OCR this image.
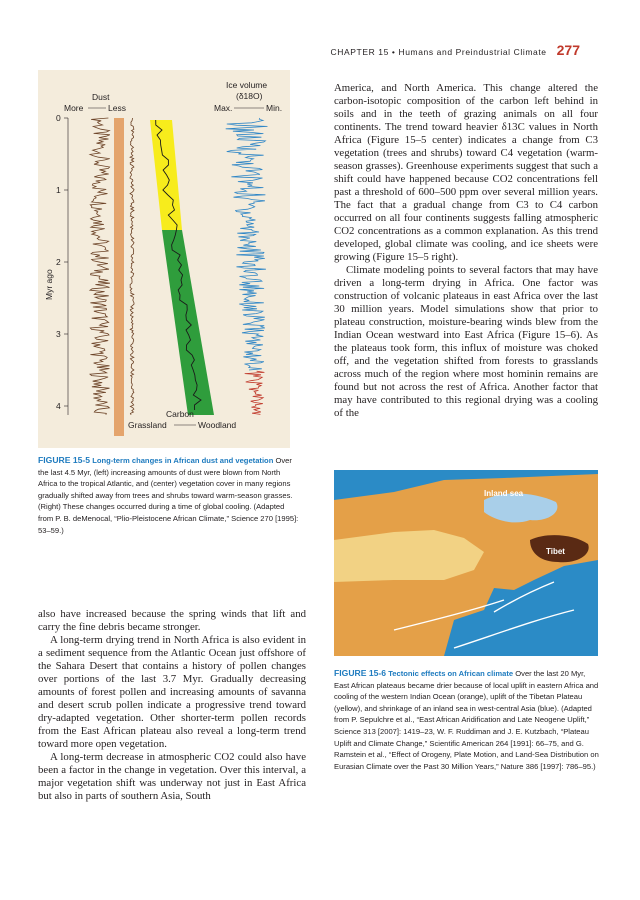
CHAPTER 15 • Humans and Preindustrial Climate 277
0
1
2
3
4
Dust
More	Less
Ice volume
(δ18O)
Max.	Min.
Carbon
Grassland	Woodland
Myr ago
FIGURE 15-5 Long-term changes in African dust and vegetation Over the last 4.5 Myr, (left) increasing amounts of dust were blown from North Africa to the tropical Atlantic, and (center) vegetation cover in many regions gradually shifted away from trees and shrubs toward warm-season grasses. (Right) These changes occurred during a time of global cooling. (Adapted from P. B. deMenocal, “Plio-Pleistocene African Climate,” Science 270 [1995]: 53–59.)

America, and North America. This change altered the carbon-isotopic composition of the carbon left behind in soils and in the teeth of grazing animals on all four continents. The trend toward heavier δ13C values in North Africa (Figure 15–5 center) indicates a change from C3 vegetation (trees and shrubs) toward C4 vegetation (warm-season grasses). Greenhouse experiments suggest that such a shift could have happened because CO2 concentrations fell past a threshold of 600–500 ppm over several million years. The fact that a gradual change from C3 to C4 carbon occurred on all four continents suggests falling atmospheric CO2 concentrations as a common explanation. As this trend developed, global climate was cooling, and ice sheets were growing (Figure 15–5 right).

Climate modeling points to several factors that may have driven a long-term drying in Africa. One factor was construction of volcanic plateaus in east Africa over the last 30 million years. Model simulations show that prior to plateau construction, moisture-bearing winds blew from the Indian Ocean westward into East Africa (Figure 15–6). As the plateaus took form, this influx of moisture was choked off, and the vegetation shifted from forests to grasslands across much of the region where most hominin remains are found but not across the rest of Africa. Another factor that may have contributed to this regional drying was a cooling of the

Inland sea
Tibet
FIGURE 15-6 Tectonic effects on African climate Over the last 20 Myr, East African plateaus became drier because of local uplift in eastern Africa and cooling of the western Indian Ocean (orange), uplift of the Tibetan Plateau (yellow), and shrinkage of an inland sea in west-central Asia (blue). (Adapted from P. Sepulchre et al., “East African Aridification and Late Neogene Uplift,” Science 313 [2007]: 1419–23, W. F. Ruddiman and J. E. Kutzbach, “Plateau Uplift and Climate Change,” Scientific American 264 [1991]: 66–75, and G. Ramstein et al., “Effect of Orogeny, Plate Motion, and Land-Sea Distribution on Eurasian Climate over the Past 30 Million Years,” Nature 386 [1997]: 786–95.)

also have increased because the spring winds that lift and carry the fine debris became stronger.

A long-term drying trend in North Africa is also evident in a sediment sequence from the Atlantic Ocean just offshore of the Sahara Desert that contains a history of pollen changes over portions of the last 3.7 Myr. Gradually decreasing amounts of forest pollen and increasing amounts of savanna and desert scrub pollen indicate a progressive trend toward dry-adapted vegetation. Other shorter-term pollen records from the East African plateau also reveal a long-term trend toward more open vegetation.

A long-term decrease in atmospheric CO2 could also have been a factor in the change in vegetation. Over this interval, a major vegetation shift was underway not just in East Africa but also in parts of southern Asia, South
